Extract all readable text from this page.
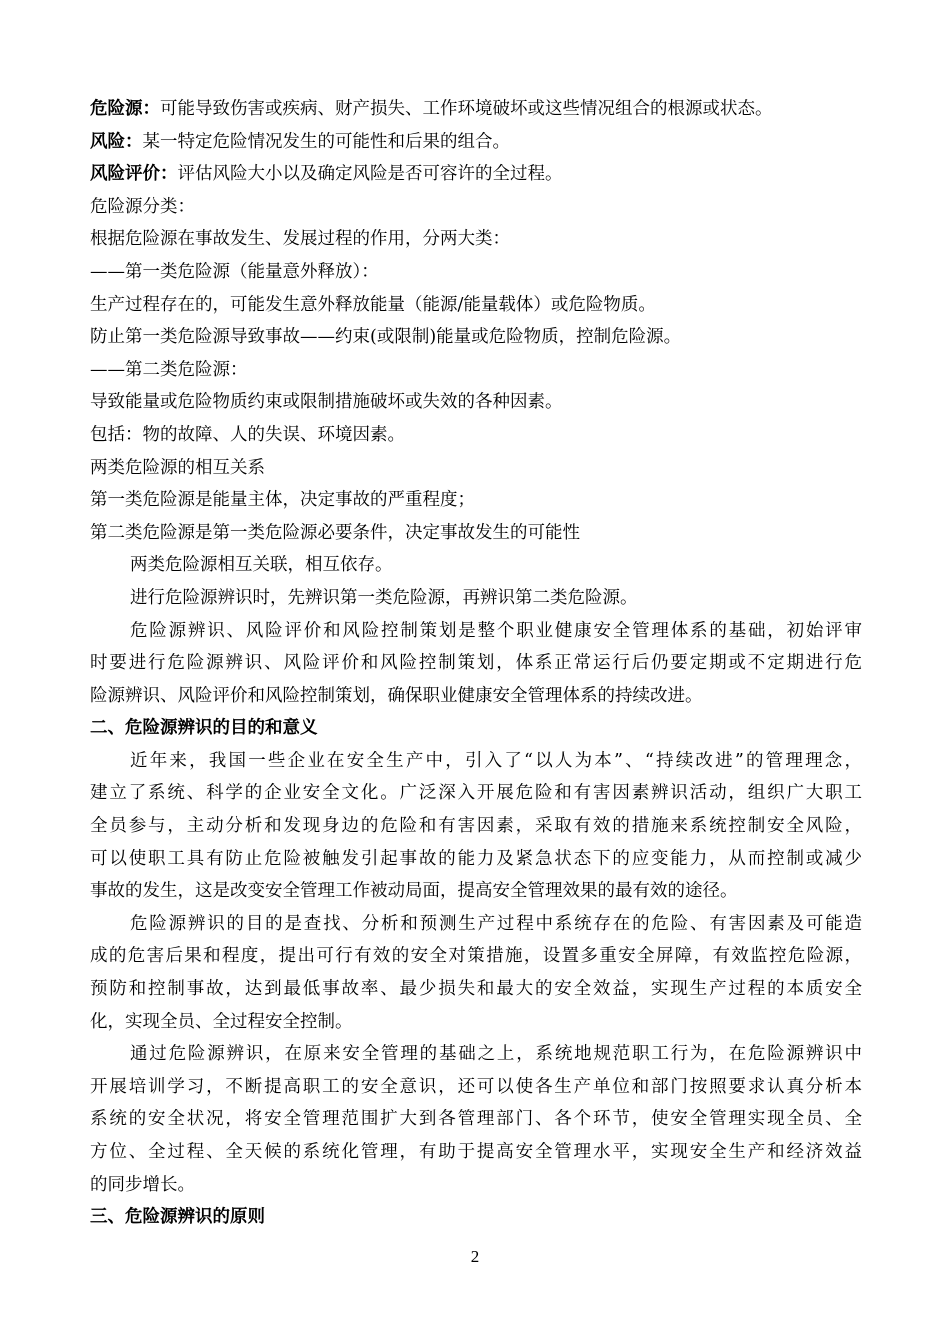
危险源：可能导致伤害或疾病、财产损失、工作环境破坏或这些情况组合的根源或状态。
风险：某一特定危险情况发生的可能性和后果的组合。
风险评价：评估风险大小以及确定风险是否可容许的全过程。
危险源分类：
根据危险源在事故发生、发展过程的作用，分两大类：
——第一类危险源（能量意外释放）：
生产过程存在的，可能发生意外释放能量（能源/能量载体）或危险物质。
防止第一类危险源导致事故——约束(或限制)能量或危险物质，控制危险源。
——第二类危险源：
导致能量或危险物质约束或限制措施破坏或失效的各种因素。
包括：物的故障、人的失误、环境因素。
两类危险源的相互关系
第一类危险源是能量主体，决定事故的严重程度；
第二类危险源是第一类危险源必要条件，决定事故发生的可能性
两类危险源相互关联，相互依存。
进行危险源辨识时，先辨识第一类危险源，再辨识第二类危险源。
危险源辨识、风险评价和风险控制策划是整个职业健康安全管理体系的基础，初始评审
时要进行危险源辨识、风险评价和风险控制策划，体系正常运行后仍要定期或不定期进行危
险源辨识、风险评价和风险控制策划，确保职业健康安全管理体系的持续改进。
二、危险源辨识的目的和意义
近年来，我国一些企业在安全生产中，引入了“以人为本”、“持续改进”的管理理念，
建立了系统、科学的企业安全文化。广泛深入开展危险和有害因素辨识活动，组织广大职工
全员参与，主动分析和发现身边的危险和有害因素，采取有效的措施来系统控制安全风险，
可以使职工具有防止危险被触发引起事故的能力及紧急状态下的应变能力，从而控制或减少
事故的发生，这是改变安全管理工作被动局面，提高安全管理效果的最有效的途径。
危险源辨识的目的是查找、分析和预测生产过程中系统存在的危险、有害因素及可能造
成的危害后果和程度，提出可行有效的安全对策措施，设置多重安全屏障，有效监控危险源，
预防和控制事故，达到最低事故率、最少损失和最大的安全效益，实现生产过程的本质安全
化，实现全员、全过程安全控制。
通过危险源辨识，在原来安全管理的基础之上，系统地规范职工行为，在危险源辨识中
开展培训学习，不断提高职工的安全意识，还可以使各生产单位和部门按照要求认真分析本
系统的安全状况，将安全管理范围扩大到各管理部门、各个环节，使安全管理实现全员、全
方位、全过程、全天候的系统化管理，有助于提高安全管理水平，实现安全生产和经济效益
的同步增长。
三、危险源辨识的原则
2
